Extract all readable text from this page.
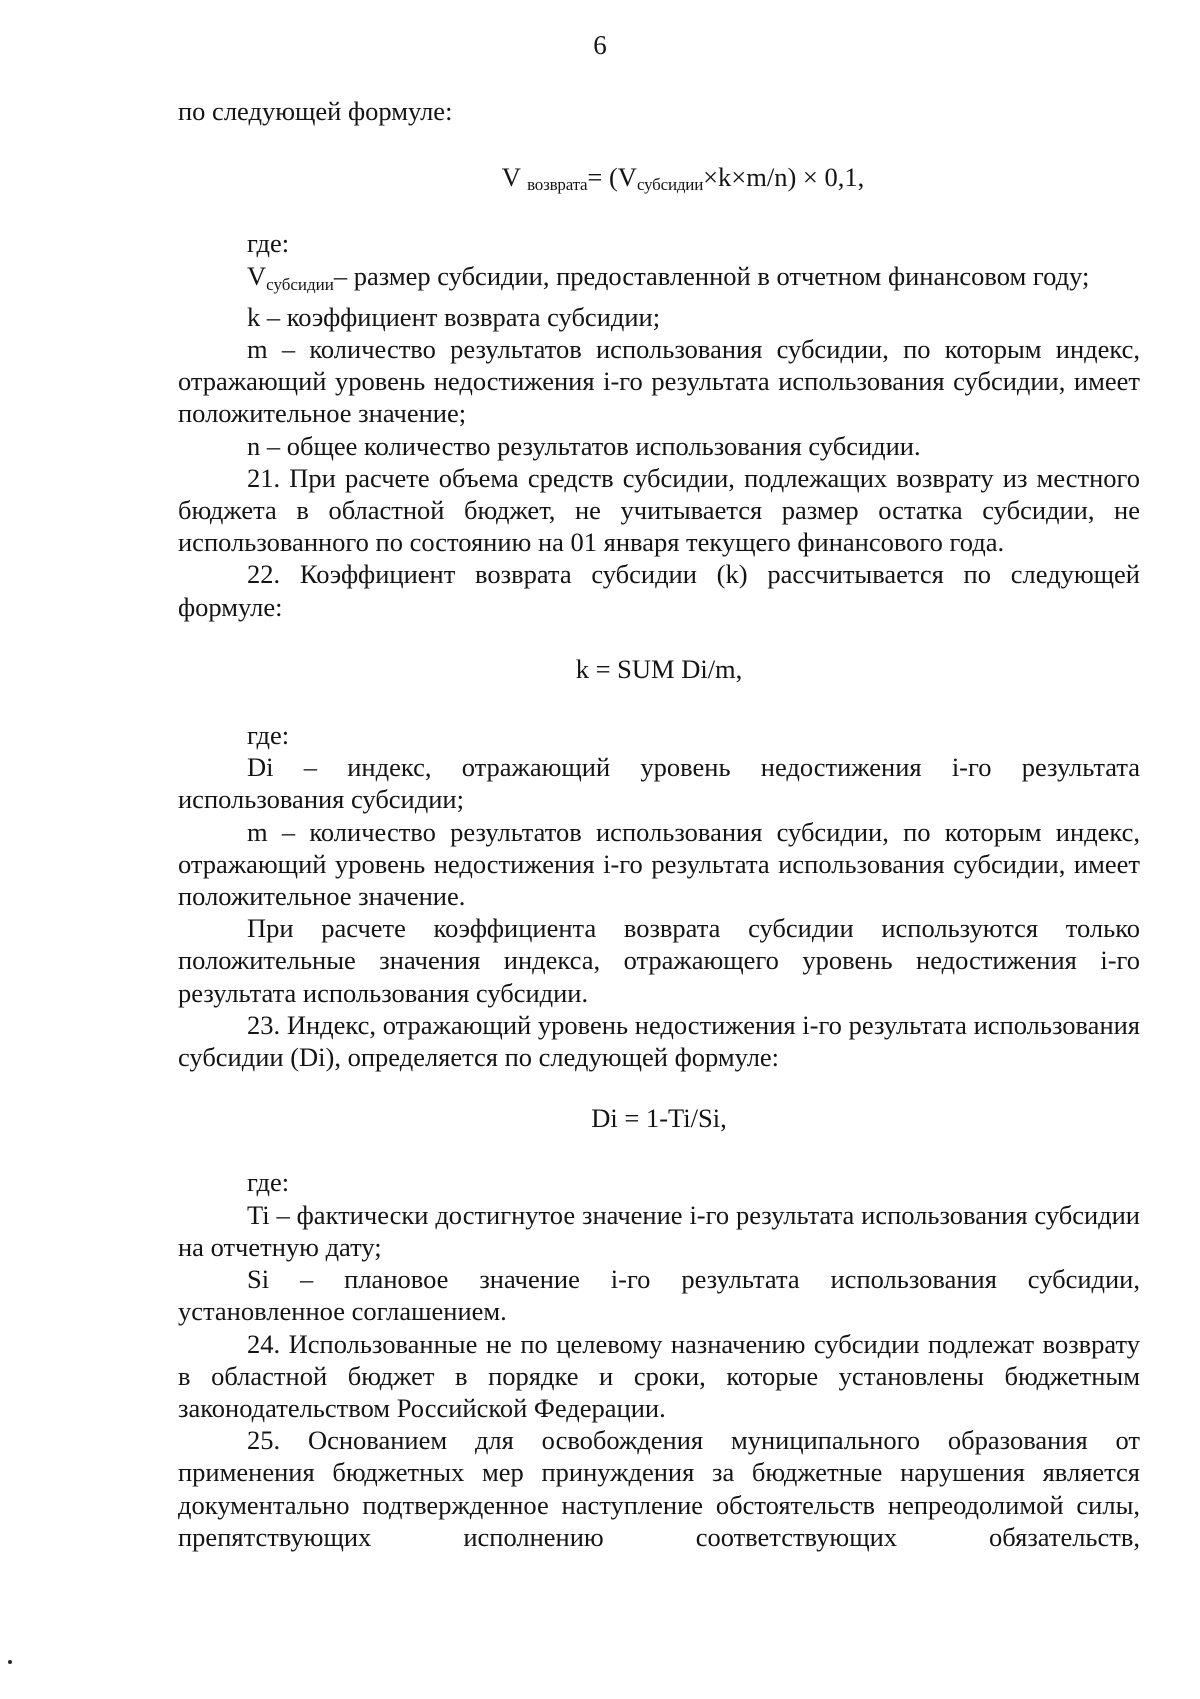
6

по следующей формуле:

V $_{возврата}= (V_{субсидии}\times k\times m/n) \times 0,1$,

где:

Vсубсидии– размер субсидии, предоставленной в отчетном финансовом году;

k – коэффициент возврата субсидии;

m – количество результатов использования субсидии, по которым индекс, отражающий уровень недостижения i-го результата использования субсидии, имеет положительное значение;

n – общее количество результатов использования субсидии.

21. При расчете объема средств субсидии, подлежащих возврату из местного бюджета в областной бюджет, не учитывается размер остатка субсидии, не использованного по состоянию на 01 января текущего финансового года.

22. Коэффициент возврата субсидии (k) рассчитывается по следующей формуле:

k = SUM Di/m,

где:

Di – индекс, отражающий уровень недостижения i-го результата использования субсидии;

m – количество результатов использования субсидии, по которым индекс, отражающий уровень недостижения i-го результата использования субсидии, имеет положительное значение.

При расчете коэффициента возврата субсидии используются только положительные значения индекса, отражающего уровень недостижения i-го результата использования субсидии.

23. Индекс, отражающий уровень недостижения i-го результата использования субсидии (Di), определяется по следующей формуле:

Di = 1-Ti/Si,

где:

Ti – фактически достигнутое значение i-го результата использования субсидии на отчетную дату;

Si – плановое значение i-го результата использования субсидии, установленное соглашением.

24. Использованные не по целевому назначению субсидии подлежат возврату в областной бюджет в порядке и сроки, которые установлены бюджетным законодательством Российской Федерации.

25. Основанием для освобождения муниципального образования от применения бюджетных мер принуждения за бюджетные нарушения является документально подтвержденное наступление обстоятельств непреодолимой силы, препятствующих исполнению соответствующих обязательств,
